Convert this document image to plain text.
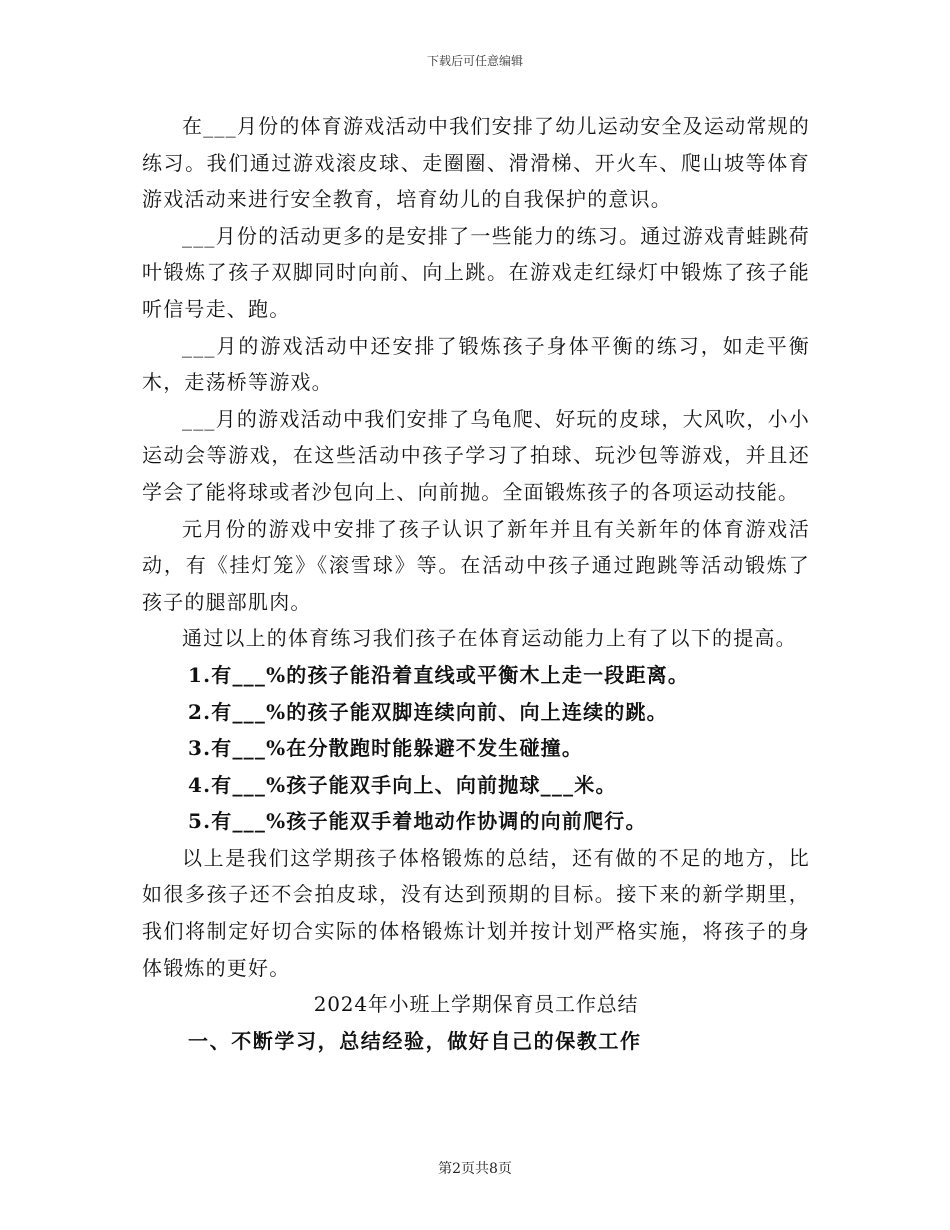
下载后可任意编辑

在___月份的体育游戏活动中我们安排了幼儿运动安全及运动常规的练习。我们通过游戏滚皮球、走圈圈、滑滑梯、开火车、爬山坡等体育游戏活动来进行安全教育，培育幼儿的自我保护的意识。

___月份的活动更多的是安排了一些能力的练习。通过游戏青蛙跳荷叶锻炼了孩子双脚同时向前、向上跳。在游戏走红绿灯中锻炼了孩子能听信号走、跑。

___月的游戏活动中还安排了锻炼孩子身体平衡的练习，如走平衡木，走荡桥等游戏。

___月的游戏活动中我们安排了乌龟爬、好玩的皮球，大风吹，小小运动会等游戏，在这些活动中孩子学习了拍球、玩沙包等游戏，并且还学会了能将球或者沙包向上、向前抛。全面锻炼孩子的各项运动技能。

元月份的游戏中安排了孩子认识了新年并且有关新年的体育游戏活动，有《挂灯笼》《滚雪球》等。在活动中孩子通过跑跳等活动锻炼了孩子的腿部肌肉。

通过以上的体育练习我们孩子在体育运动能力上有了以下的提高。

1.有___%的孩子能沿着直线或平衡木上走一段距离。

2.有___%的孩子能双脚连续向前、向上连续的跳。

3.有___%在分散跑时能躲避不发生碰撞。

4.有___%孩子能双手向上、向前抛球___米。

5.有___%孩子能双手着地动作协调的向前爬行。

以上是我们这学期孩子体格锻炼的总结，还有做的不足的地方，比如很多孩子还不会拍皮球，没有达到预期的目标。接下来的新学期里，我们将制定好切合实际的体格锻炼计划并按计划严格实施，将孩子的身体锻炼的更好。

2024年小班上学期保育员工作总结

一、不断学习，总结经验，做好自己的保教工作

第2页共8页
